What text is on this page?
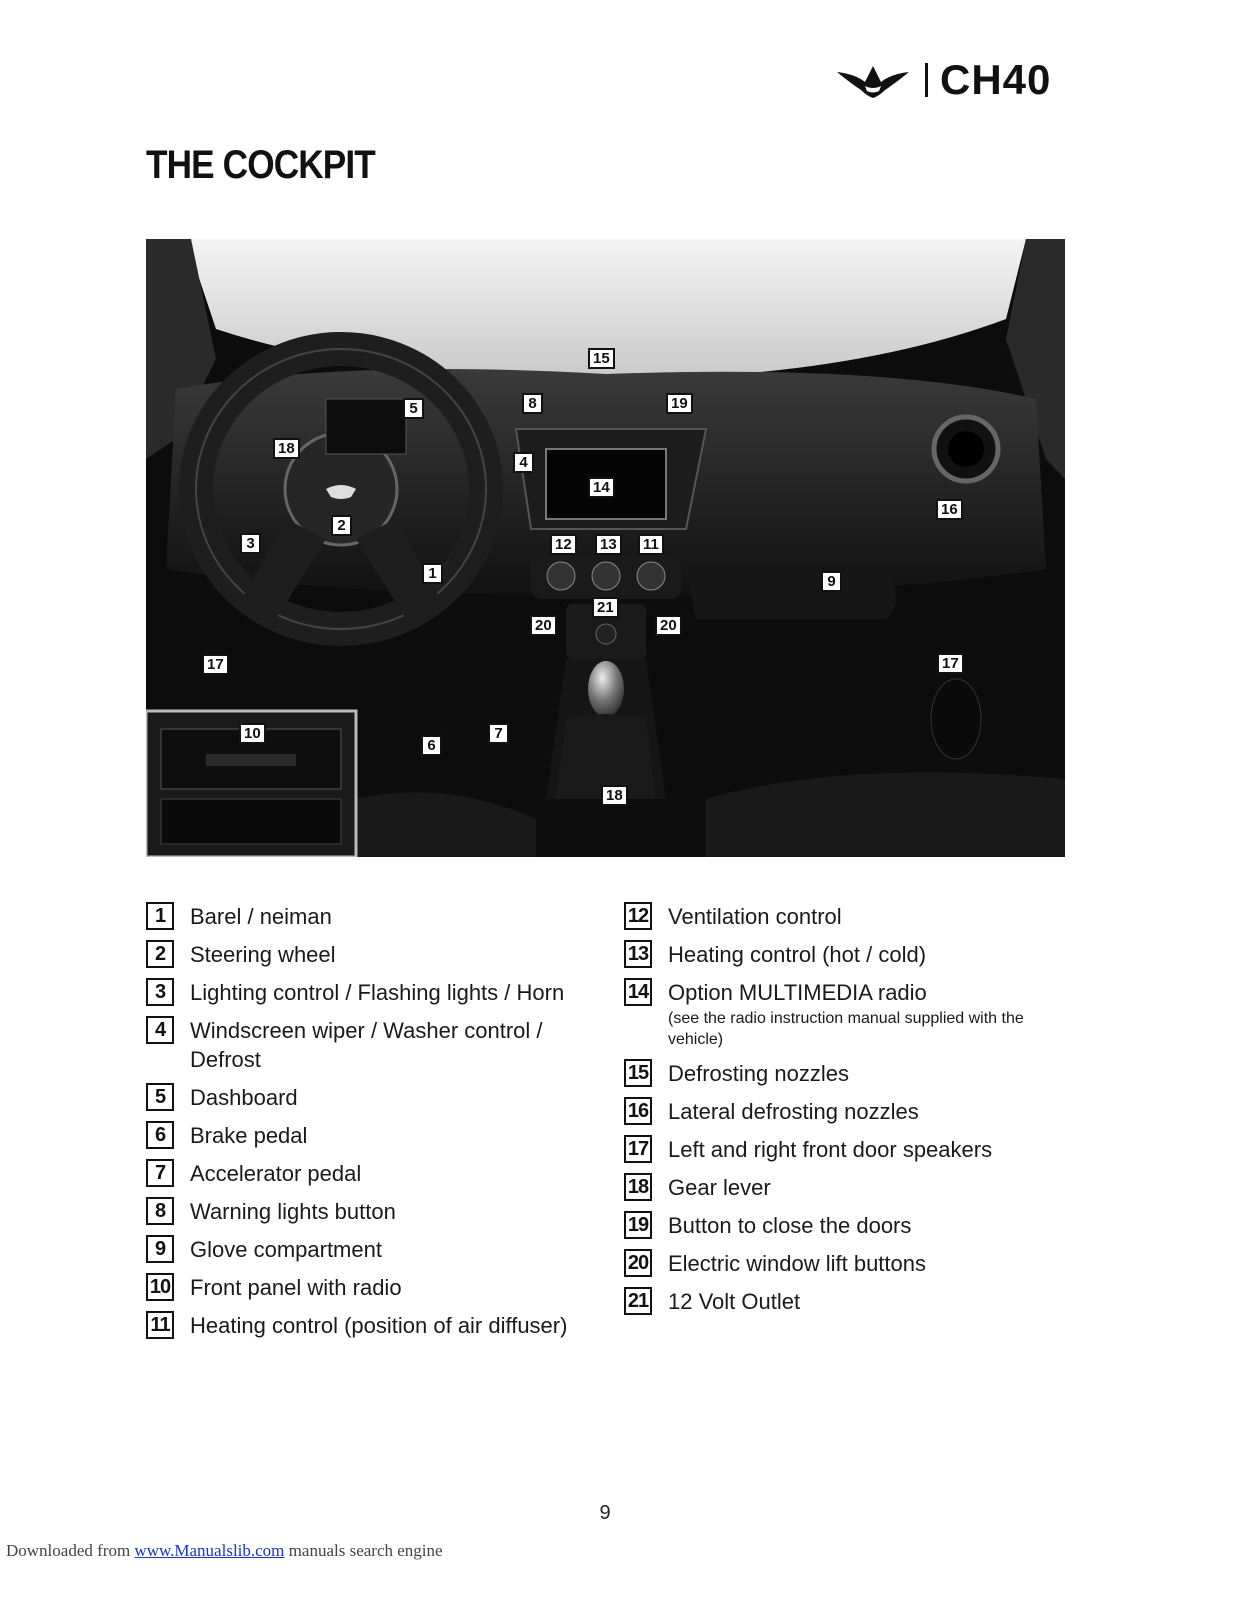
CH40
THE COCKPIT
15
8	19
5
18
4
14
16
2
3	12	13	11
1	9
21
20	20
17	17
10	7
6
18
1	Barel / neiman
2	Steering wheel
3	Lighting control / Flashing lights / Horn
4	Windscreen wiper / Washer control / Defrost
5	Dashboard
6	Brake pedal
7	Accelerator pedal
8	Warning lights button
9	Glove compartment
10 Front panel with radio
11 Heating control (position of air diffuser)
12 Ventilation control
13 Heating control (hot / cold)
14 Option MULTIMEDIA radio
(see the radio instruction manual supplied with the vehicle)
15 Defrosting nozzles
16 Lateral defrosting nozzles
17 Left and right front door speakers
18 Gear lever
19 Button to close the doors
20 Electric window lift buttons
21 12 Volt Outlet
9
Downloaded from www.Manualslib.com manuals search engine
